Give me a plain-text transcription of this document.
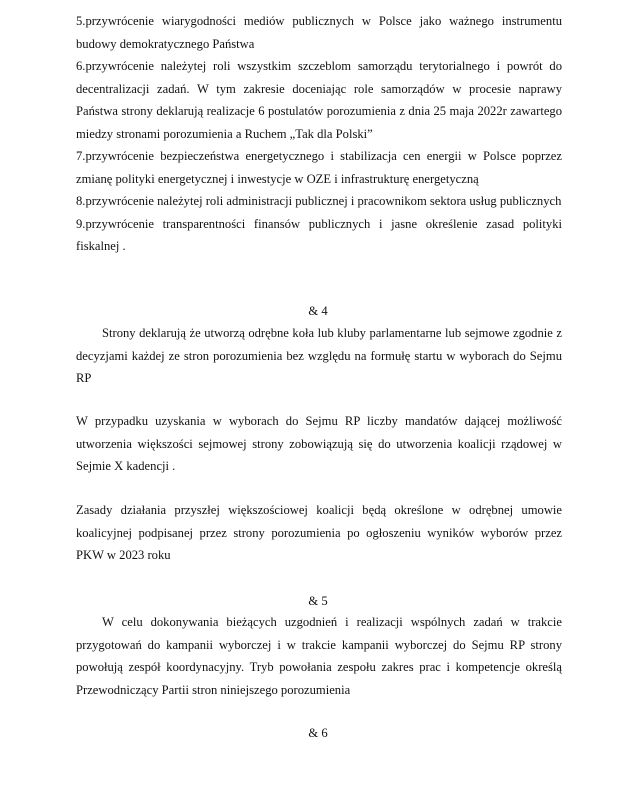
5.przywrócenie wiarygodności mediów publicznych w Polsce jako ważnego instrumentu budowy demokratycznego Państwa

6.przywrócenie należytej roli wszystkim szczeblom samorządu terytorialnego i powrót do decentralizacji zadań. W tym zakresie doceniając role samorządów w procesie naprawy Państwa strony deklarują realizacje 6 postulatów porozumienia z dnia 25 maja 2022r zawartego miedzy stronami porozumienia a Ruchem „Tak dla Polski”

7.przywrócenie bezpieczeństwa energetycznego i stabilizacja cen energii w Polsce poprzez zmianę polityki energetycznej i inwestycje w OZE i infrastrukturę energetyczną

8.przywrócenie należytej roli administracji publicznej i pracownikom sektora usług publicznych

9.przywrócenie transparentności finansów publicznych i jasne określenie zasad polityki fiskalnej .

& 4
Strony deklarują że utworzą odrębne koła lub kluby parlamentarne lub sejmowe zgodnie z decyzjami każdej ze stron porozumienia bez względu na formułę startu w wyborach do Sejmu RP
W przypadku uzyskania w wyborach do Sejmu RP liczby mandatów dającej możliwość utworzenia większości sejmowej strony zobowiązują się do utworzenia koalicji rządowej w Sejmie X kadencji .
Zasady działania przyszłej większościowej koalicji będą określone w odrębnej umowie koalicyjnej podpisanej przez strony porozumienia po ogłoszeniu wyników wyborów przez PKW w 2023 roku
& 5
W celu dokonywania bieżących uzgodnień i realizacji wspólnych zadań w trakcie przygotowań do kampanii wyborczej i w trakcie kampanii wyborczej do Sejmu RP strony powołują zespół koordynacyjny. Tryb powołania zespołu zakres prac i kompetencje określą Przewodniczący Partii stron niniejszego porozumienia
& 6
